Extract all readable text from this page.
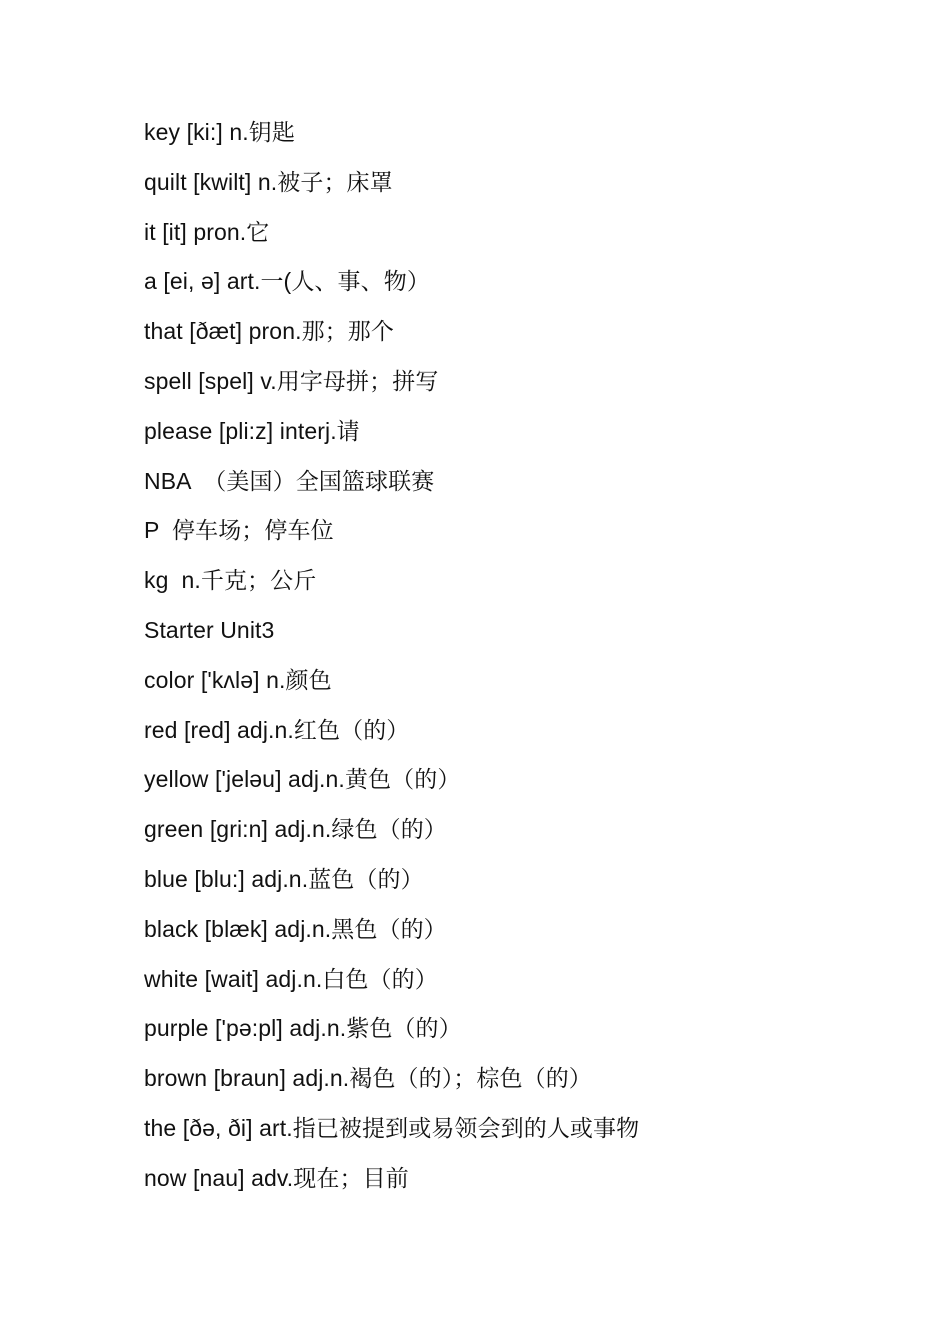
key [ki:] n.钥匙
quilt [kwilt] n.被子；床罩
it [it] pron.它
a [ei, ə] art.一(人、事、物）
that [ðæt] pron.那；那个
spell [spel] v.用字母拼；拼写
please [pli:z] interj.请
NBA  （美国）全国篮球联赛
P  停车场；停车位
kg  n.千克；公斤
Starter Unit3
color ['kʌlə] n.颜色
red [red] adj.n.红色（的）
yellow ['jeləu] adj.n.黄色（的）
green [gri:n] adj.n.绿色（的）
blue [blu:] adj.n.蓝色（的）
black [blæk] adj.n.黑色（的）
white [wait] adj.n.白色（的）
purple ['pə:pl] adj.n.紫色（的）
brown [braun] adj.n.褐色（的）；棕色（的）
the [ðə, ði] art.指已被提到或易领会到的人或事物
now [nau] adv.现在；目前
